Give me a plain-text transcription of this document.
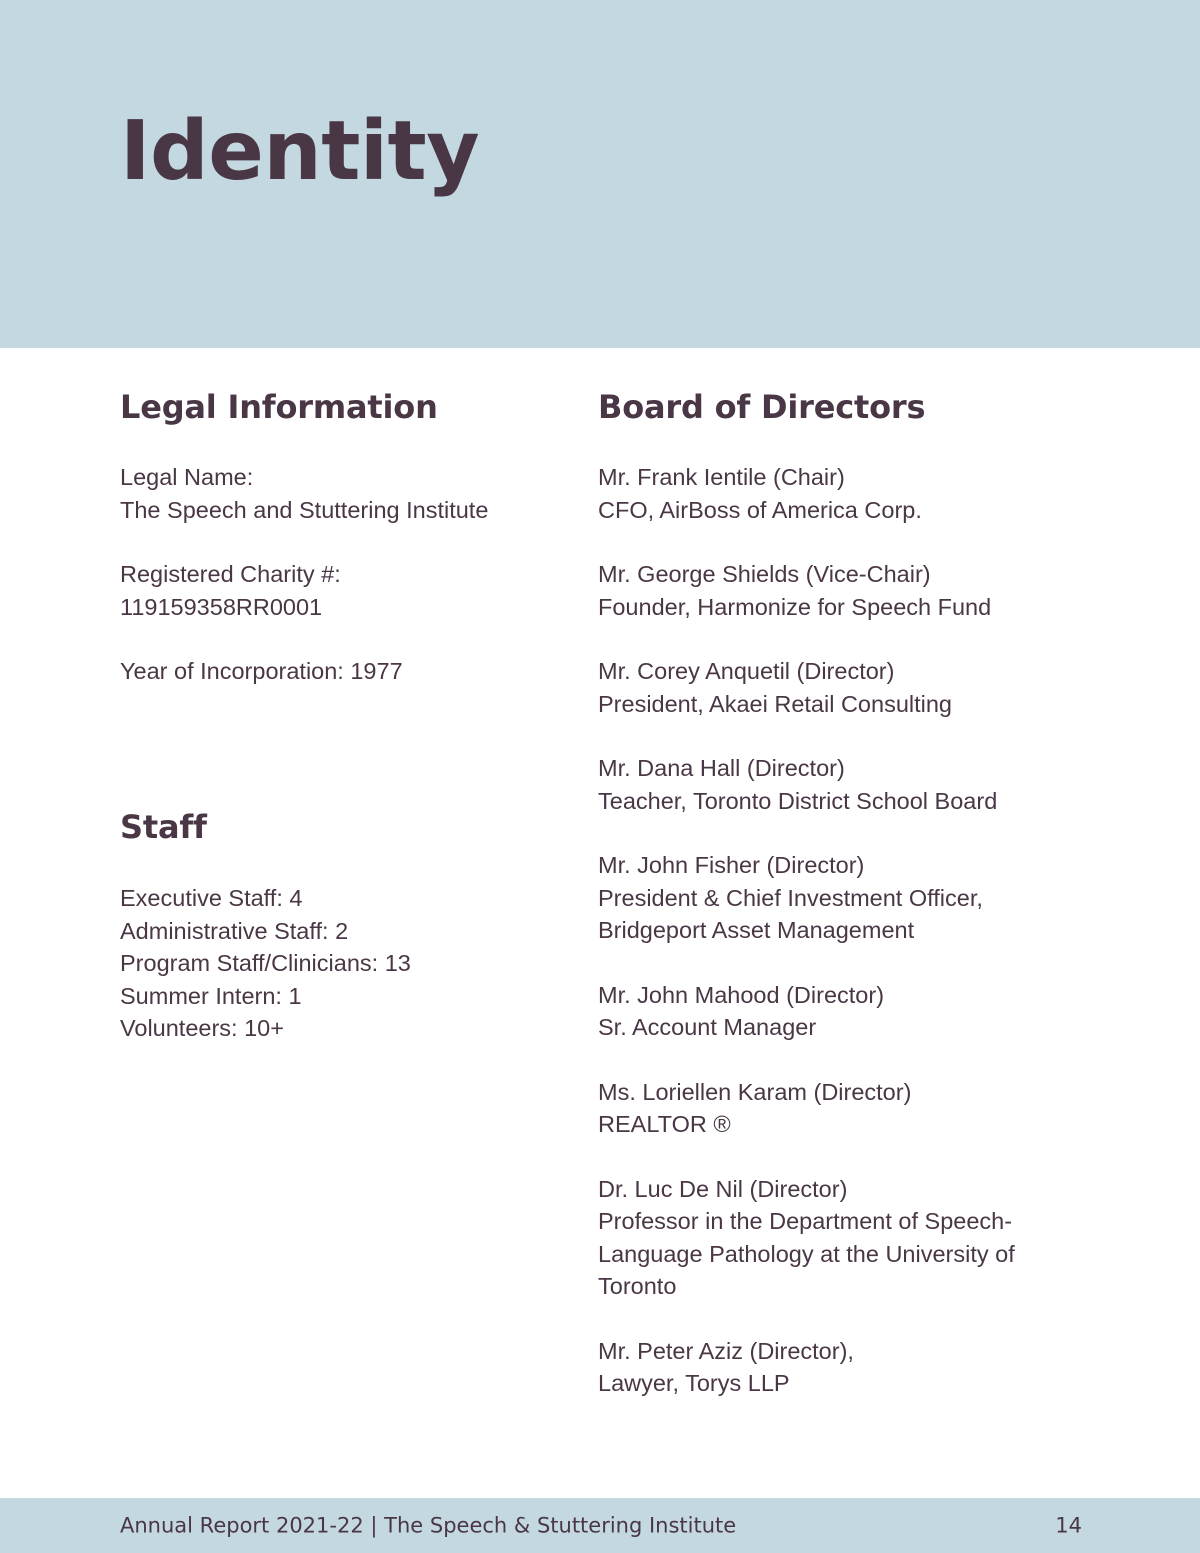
Identity
Legal Information
Legal Name:
The Speech and Stuttering Institute
Registered Charity #:
119159358RR0001
Year of Incorporation: 1977
Staff
Executive Staff: 4
Administrative Staff: 2
Program Staff/Clinicians: 13
Summer Intern: 1
Volunteers: 10+
Board of Directors
Mr. Frank Ientile (Chair)
CFO, AirBoss of America Corp.
Mr. George Shields (Vice-Chair)
Founder, Harmonize for Speech Fund
Mr. Corey Anquetil (Director)
President, Akaei Retail Consulting
Mr. Dana Hall (Director)
Teacher, Toronto District School Board
Mr. John Fisher (Director)
President & Chief Investment Officer, Bridgeport Asset Management
Mr. John Mahood (Director)
Sr. Account Manager
Ms. Loriellen Karam (Director)
REALTOR ®
Dr. Luc De Nil (Director)
Professor in the Department of Speech-Language Pathology at the University of Toronto
Mr. Peter Aziz (Director),
Lawyer, Torys LLP
Annual Report 2021-22 | The Speech & Stuttering Institute	14
